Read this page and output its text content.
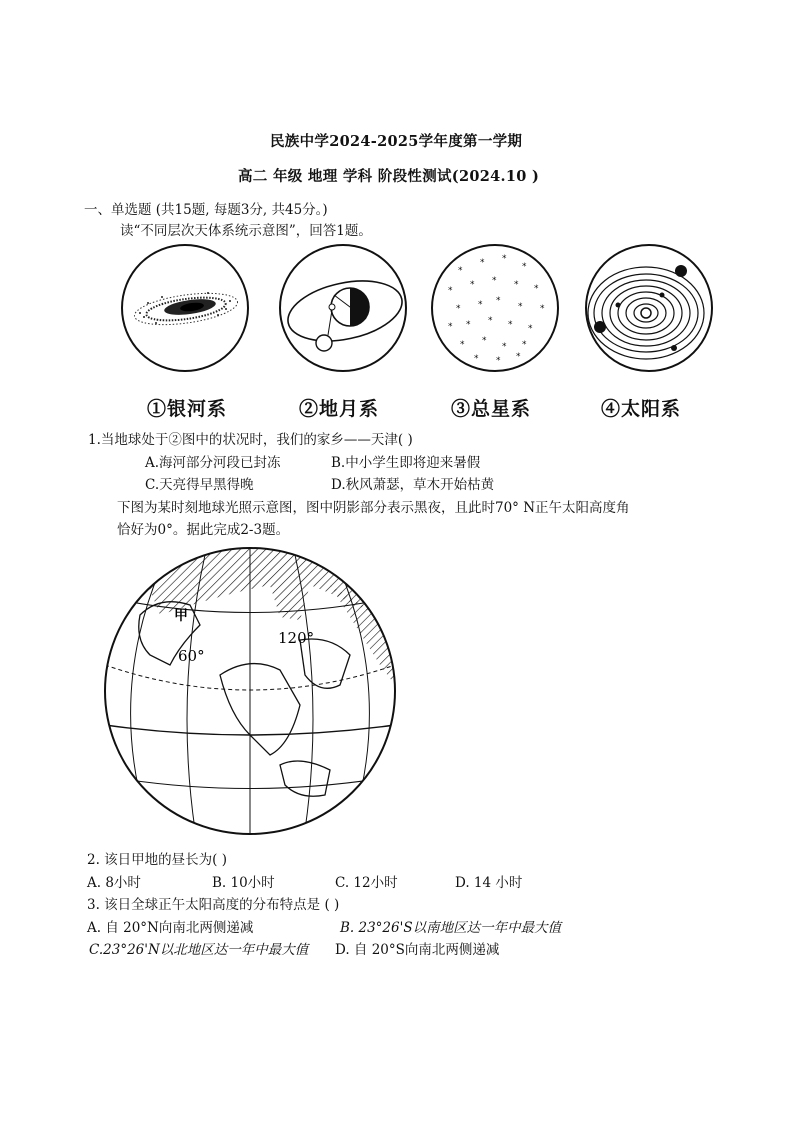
民族中学2024-2025学年度第一学期
高二 年级 地理 学科 阶段性测试(2024.10 )
一、单选题 (共15题, 每题3分, 共45分。)
读“不同层次天体系统示意图”，回答1题。
*
* *
*
*
* * * *
* * *
* *
* * * * *
* *
* *
* * *
①银河系	②地月系	③总星系	④太阳系
1.当地球处于②图中的状况时，我们的家乡——天津( )
A.海河部分河段已封冻	B.中小学生即将迎来暑假
C.天亮得早黑得晚	D.秋风萧瑟，草木开始枯黄
下图为某时刻地球光照示意图，图中阴影部分表示黑夜，且此时70° N正午太阳高度角
恰好为0°。据此完成2-3题。
甲
60°
120°
2. 该日甲地的昼长为( )
A. 8小时	B. 10小时	C. 12小时	D. 14 小时
3. 该日全球正午太阳高度的分布特点是 ( )
A. 自 20°N向南北两侧递减	B. 23°26'S以南地区达一年中最大值
C.23°26'N以北地区达一年中最大值 D. 自 20°S向南北两侧递减
